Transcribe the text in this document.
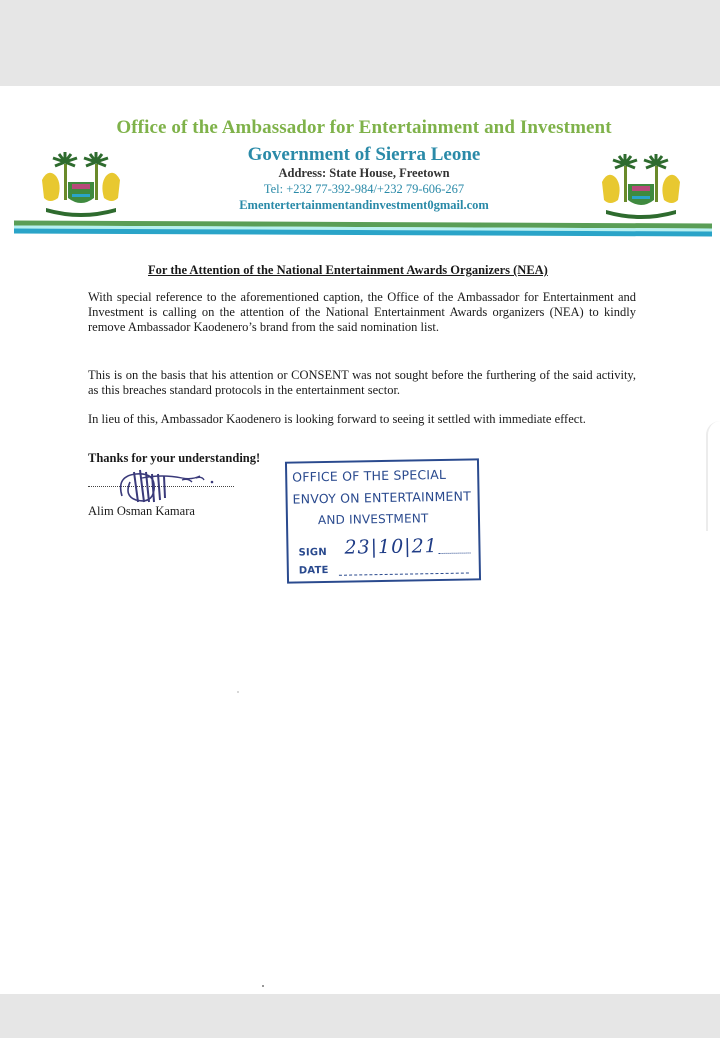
Office of the Ambassador for Entertainment and Investment
Government of Sierra Leone
Address: State House, Freetown
Tel: +232 77-392-984/+232 79-606-267
Ementertertainmentandinvestment0gmail.com
For the Attention of the National Entertainment Awards Organizers (NEA)
With special reference to the aforementioned caption, the Office of the Ambassador for Entertainment and Investment is calling on the attention of the National Entertainment Awards organizers (NEA) to kindly remove Ambassador Kaodenero’s brand from the said nomination list.
This is on the basis that his attention or CONSENT was not sought before the furthering of the said activity, as this breaches standard protocols in the entertainment sector.
In lieu of this, Ambassador Kaodenero is looking forward to seeing it settled with immediate effect.
Thanks for your understanding!
Alim Osman Kamara
OFFICE OF THE SPECIAL
ENVOY ON ENTERTAINMENT
AND INVESTMENT
SIGN
DATE
23|10|21
